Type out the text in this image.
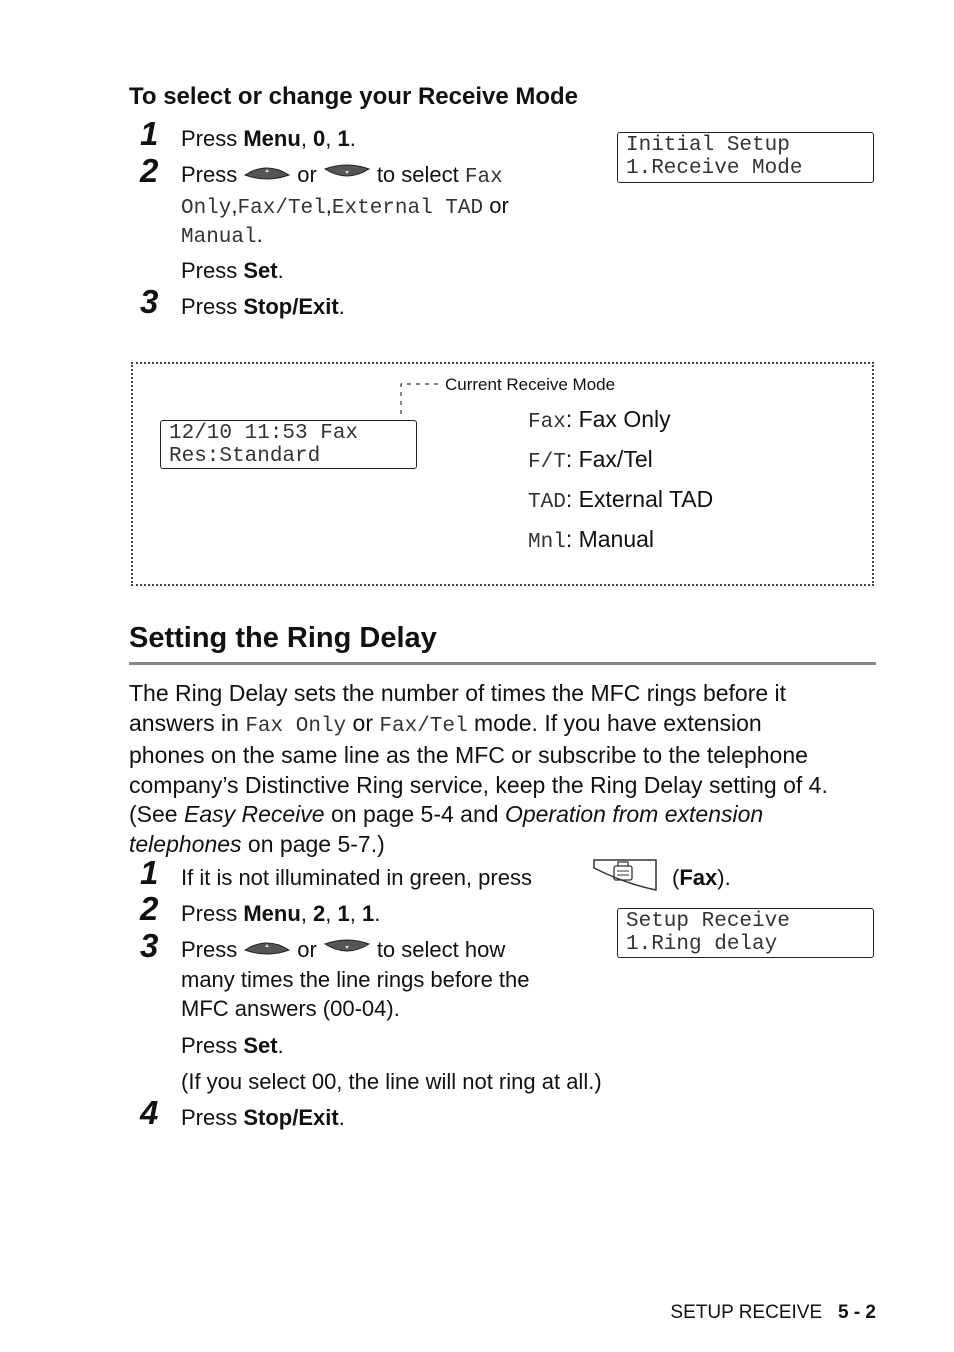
To select or change your Receive Mode
1 Press Menu, 0, 1.
2 Press	or	to select Fax
Only,Fax/Tel,External TAD or
Manual.
Press Set.
3 Press Stop/Exit.
Initial Setup
1.Receive Mode
Current Receive Mode
12/10 11:53 Fax
Res:Standard
Fax: Fax Only
F/T: Fax/Tel
TAD: External TAD
Mnl: Manual
Setting the Ring Delay
The Ring Delay sets the number of times the MFC rings before it
answers in Fax Only or Fax/Tel mode. If you have extension
phones on the same line as the MFC or subscribe to the telephone
company’s Distinctive Ring service, keep the Ring Delay setting of 4.
(See Easy Receive on page 5-4 and Operation from extension
telephones on page 5-7.)
1 If it is not illuminated in green, press	(Fax).
2 Press Menu, 2, 1, 1.
3 Press	or	to select how
many times the line rings before the
MFC answers (00-04).
Press Set.
(If you select 00, the line will not ring at all.)
4 Press Stop/Exit.
Setup Receive
1.Ring delay
SETUP RECEIVE 5 - 2
